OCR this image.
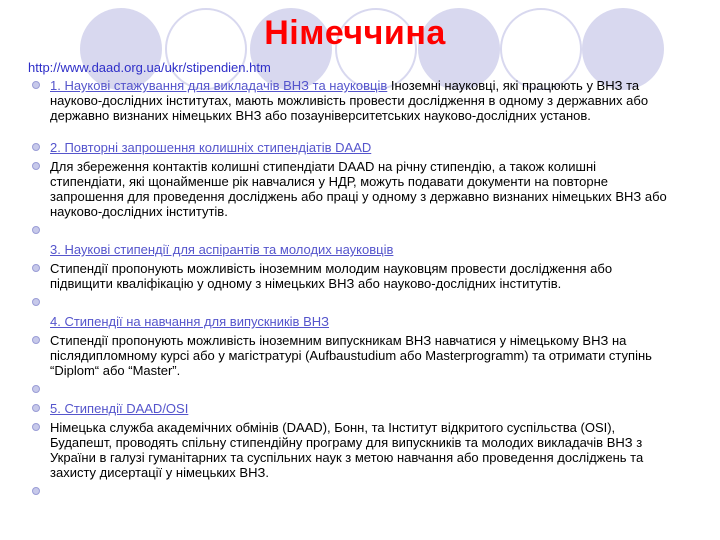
Німеччина
http://www.daad.org.ua/ukr/stipendien.htm
1. Наукові стажування для викладачів ВНЗ та науковців Іноземні науковці, які працюють у ВНЗ та науково-дослідних інститутах, мають можливість провести дослідження в одному з державних або державно визнаних німецьких ВНЗ або позауніверситетських науково-дослідних установ.
2. Повторні запрошення колишніх стипендіатів DAAD
Для збереження контактів колишні стипендіати DAAD на річну стипендію, а також колишні стипендіати, які щонайменше рік навчалися у НДР, можуть подавати документи на повторне запрошення для проведення досліджень або праці у одному з державно визнаних німецьких ВНЗ або науково-дослідних інститутів.
3. Наукові стипендії для аспірантів та молодих науковців
Стипендії пропонують можливість іноземним молодим науковцям провести дослідження або підвищити кваліфікацію у одному з німецьких ВНЗ або науково-дослідних інститутів.
4. Стипендії на навчання для випускників ВНЗ
Стипендії пропонують можливість іноземним випускникам ВНЗ навчатися у німецькому ВНЗ на післядипломному курсі або у магістратурі (Aufbaustudium або Masterprogramm) та отримати ступінь “Diplom“ або “Master”.
5. Стипендії DAAD/OSI
Німецька служба академічних обмінів (DAAD), Бонн, та Інститут відкритого суспільства (OSI), Будапешт, проводять спільну стипендійну програму для випускників та молодих викладачів ВНЗ з України в галузі гуманітарних та суспільних наук з метою навчання або проведення досліджень та захисту дисертації у німецьких ВНЗ.
